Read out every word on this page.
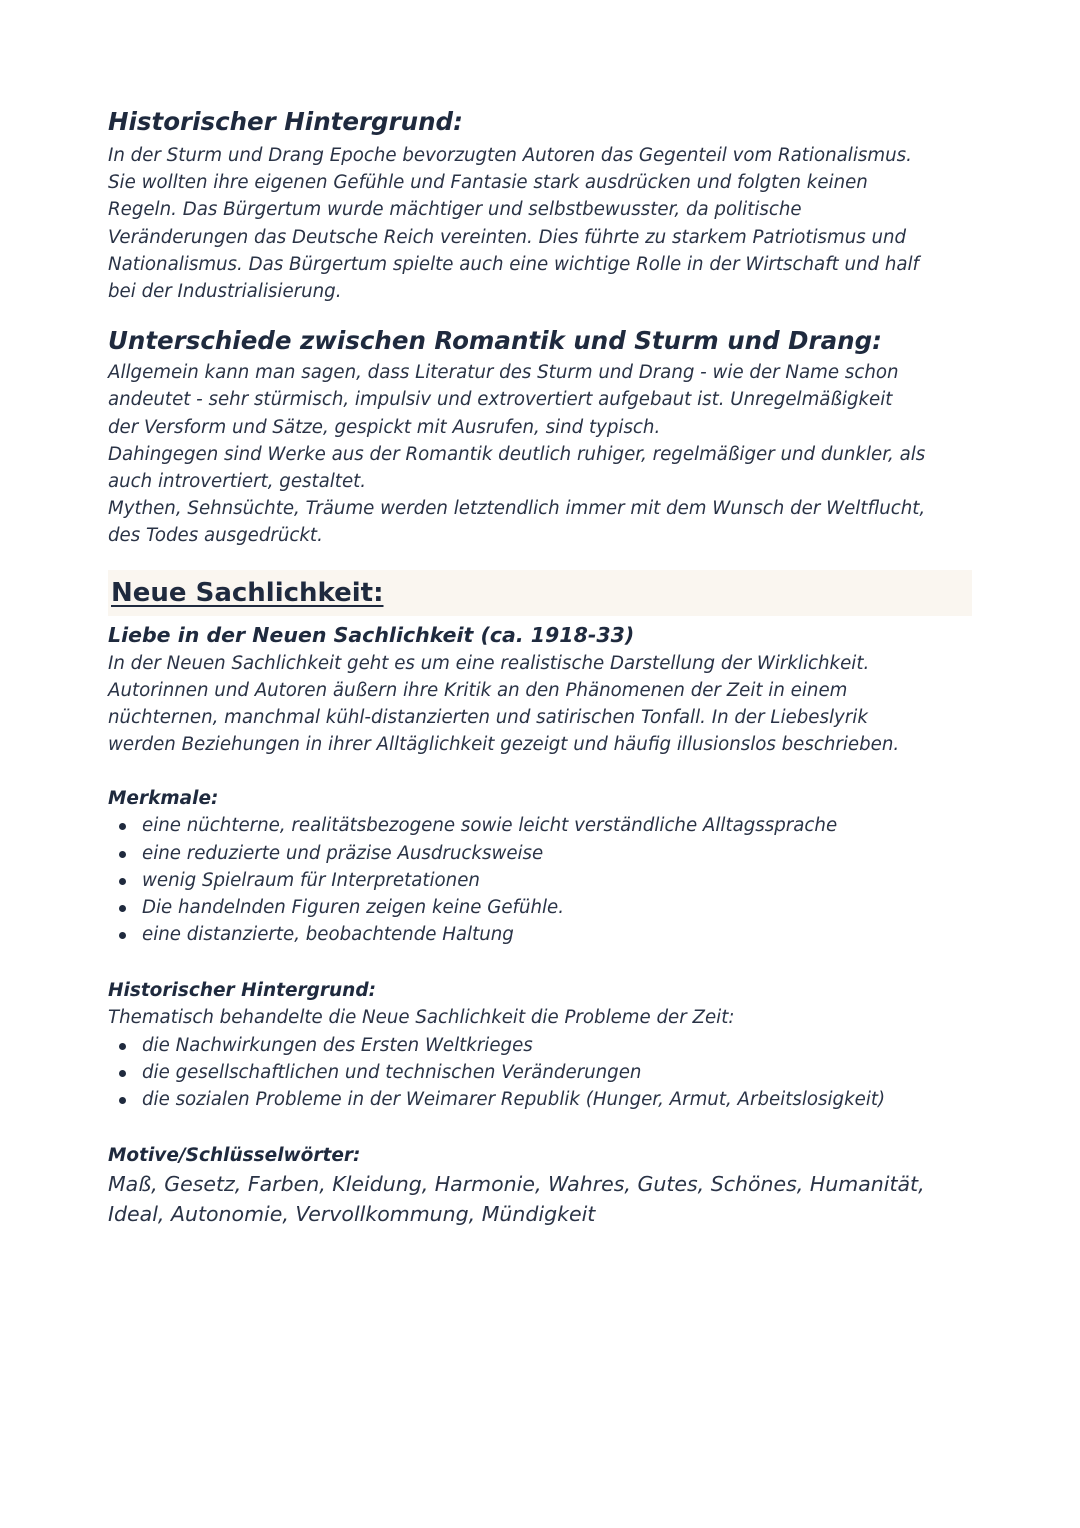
Historischer Hintergrund:

In der Sturm und Drang Epoche bevorzugten Autoren das Gegenteil vom Rationalismus.

Sie wollten ihre eigenen Gefühle und Fantasie stark ausdrücken und folgten keinen

Regeln. Das Bürgertum wurde mächtiger und selbstbewusster, da politische

Veränderungen das Deutsche Reich vereinten. Dies führte zu starkem Patriotismus und

Nationalismus. Das Bürgertum spielte auch eine wichtige Rolle in der Wirtschaft und half

bei der Industrialisierung.

Unterschiede zwischen Romantik und Sturm und Drang:

Allgemein kann man sagen, dass Literatur des Sturm und Drang - wie der Name schon

andeutet - sehr stürmisch, impulsiv und extrovertiert aufgebaut ist. Unregelmäßigkeit

der Versform und Sätze, gespickt mit Ausrufen, sind typisch.

Dahingegen sind Werke aus der Romantik deutlich ruhiger, regelmäßiger und dunkler, als

auch introvertiert, gestaltet.

Mythen, Sehnsüchte, Träume werden letztendlich immer mit dem Wunsch der Weltflucht,

des Todes ausgedrückt.

Neue Sachlichkeit:
Liebe in der Neuen Sachlichkeit (ca. 1918-33)

In der Neuen Sachlichkeit geht es um eine realistische Darstellung der Wirklichkeit.

Autorinnen und Autoren äußern ihre Kritik an den Phänomenen der Zeit in einem

nüchternen, manchmal kühl-distanzierten und satirischen Tonfall. In der Liebeslyrik

werden Beziehungen in ihrer Alltäglichkeit gezeigt und häufig illusionslos beschrieben.

Merkmale:
eine nüchterne, realitätsbezogene sowie leicht verständliche Alltagssprache
eine reduzierte und präzise Ausdrucksweise
wenig Spielraum für Interpretationen
Die handelnden Figuren zeigen keine Gefühle.
eine distanzierte, beobachtende Haltung
Historischer Hintergrund:

Thematisch behandelte die Neue Sachlichkeit die Probleme der Zeit:

die Nachwirkungen des Ersten Weltkrieges
die gesellschaftlichen und technischen Veränderungen
die sozialen Probleme in der Weimarer Republik (Hunger, Armut, Arbeitslosigkeit)
Motive/Schlüsselwörter:

Maß, Gesetz, Farben, Kleidung, Harmonie, Wahres, Gutes, Schönes, Humanität,

Ideal, Autonomie, Vervollkommung, Mündigkeit
